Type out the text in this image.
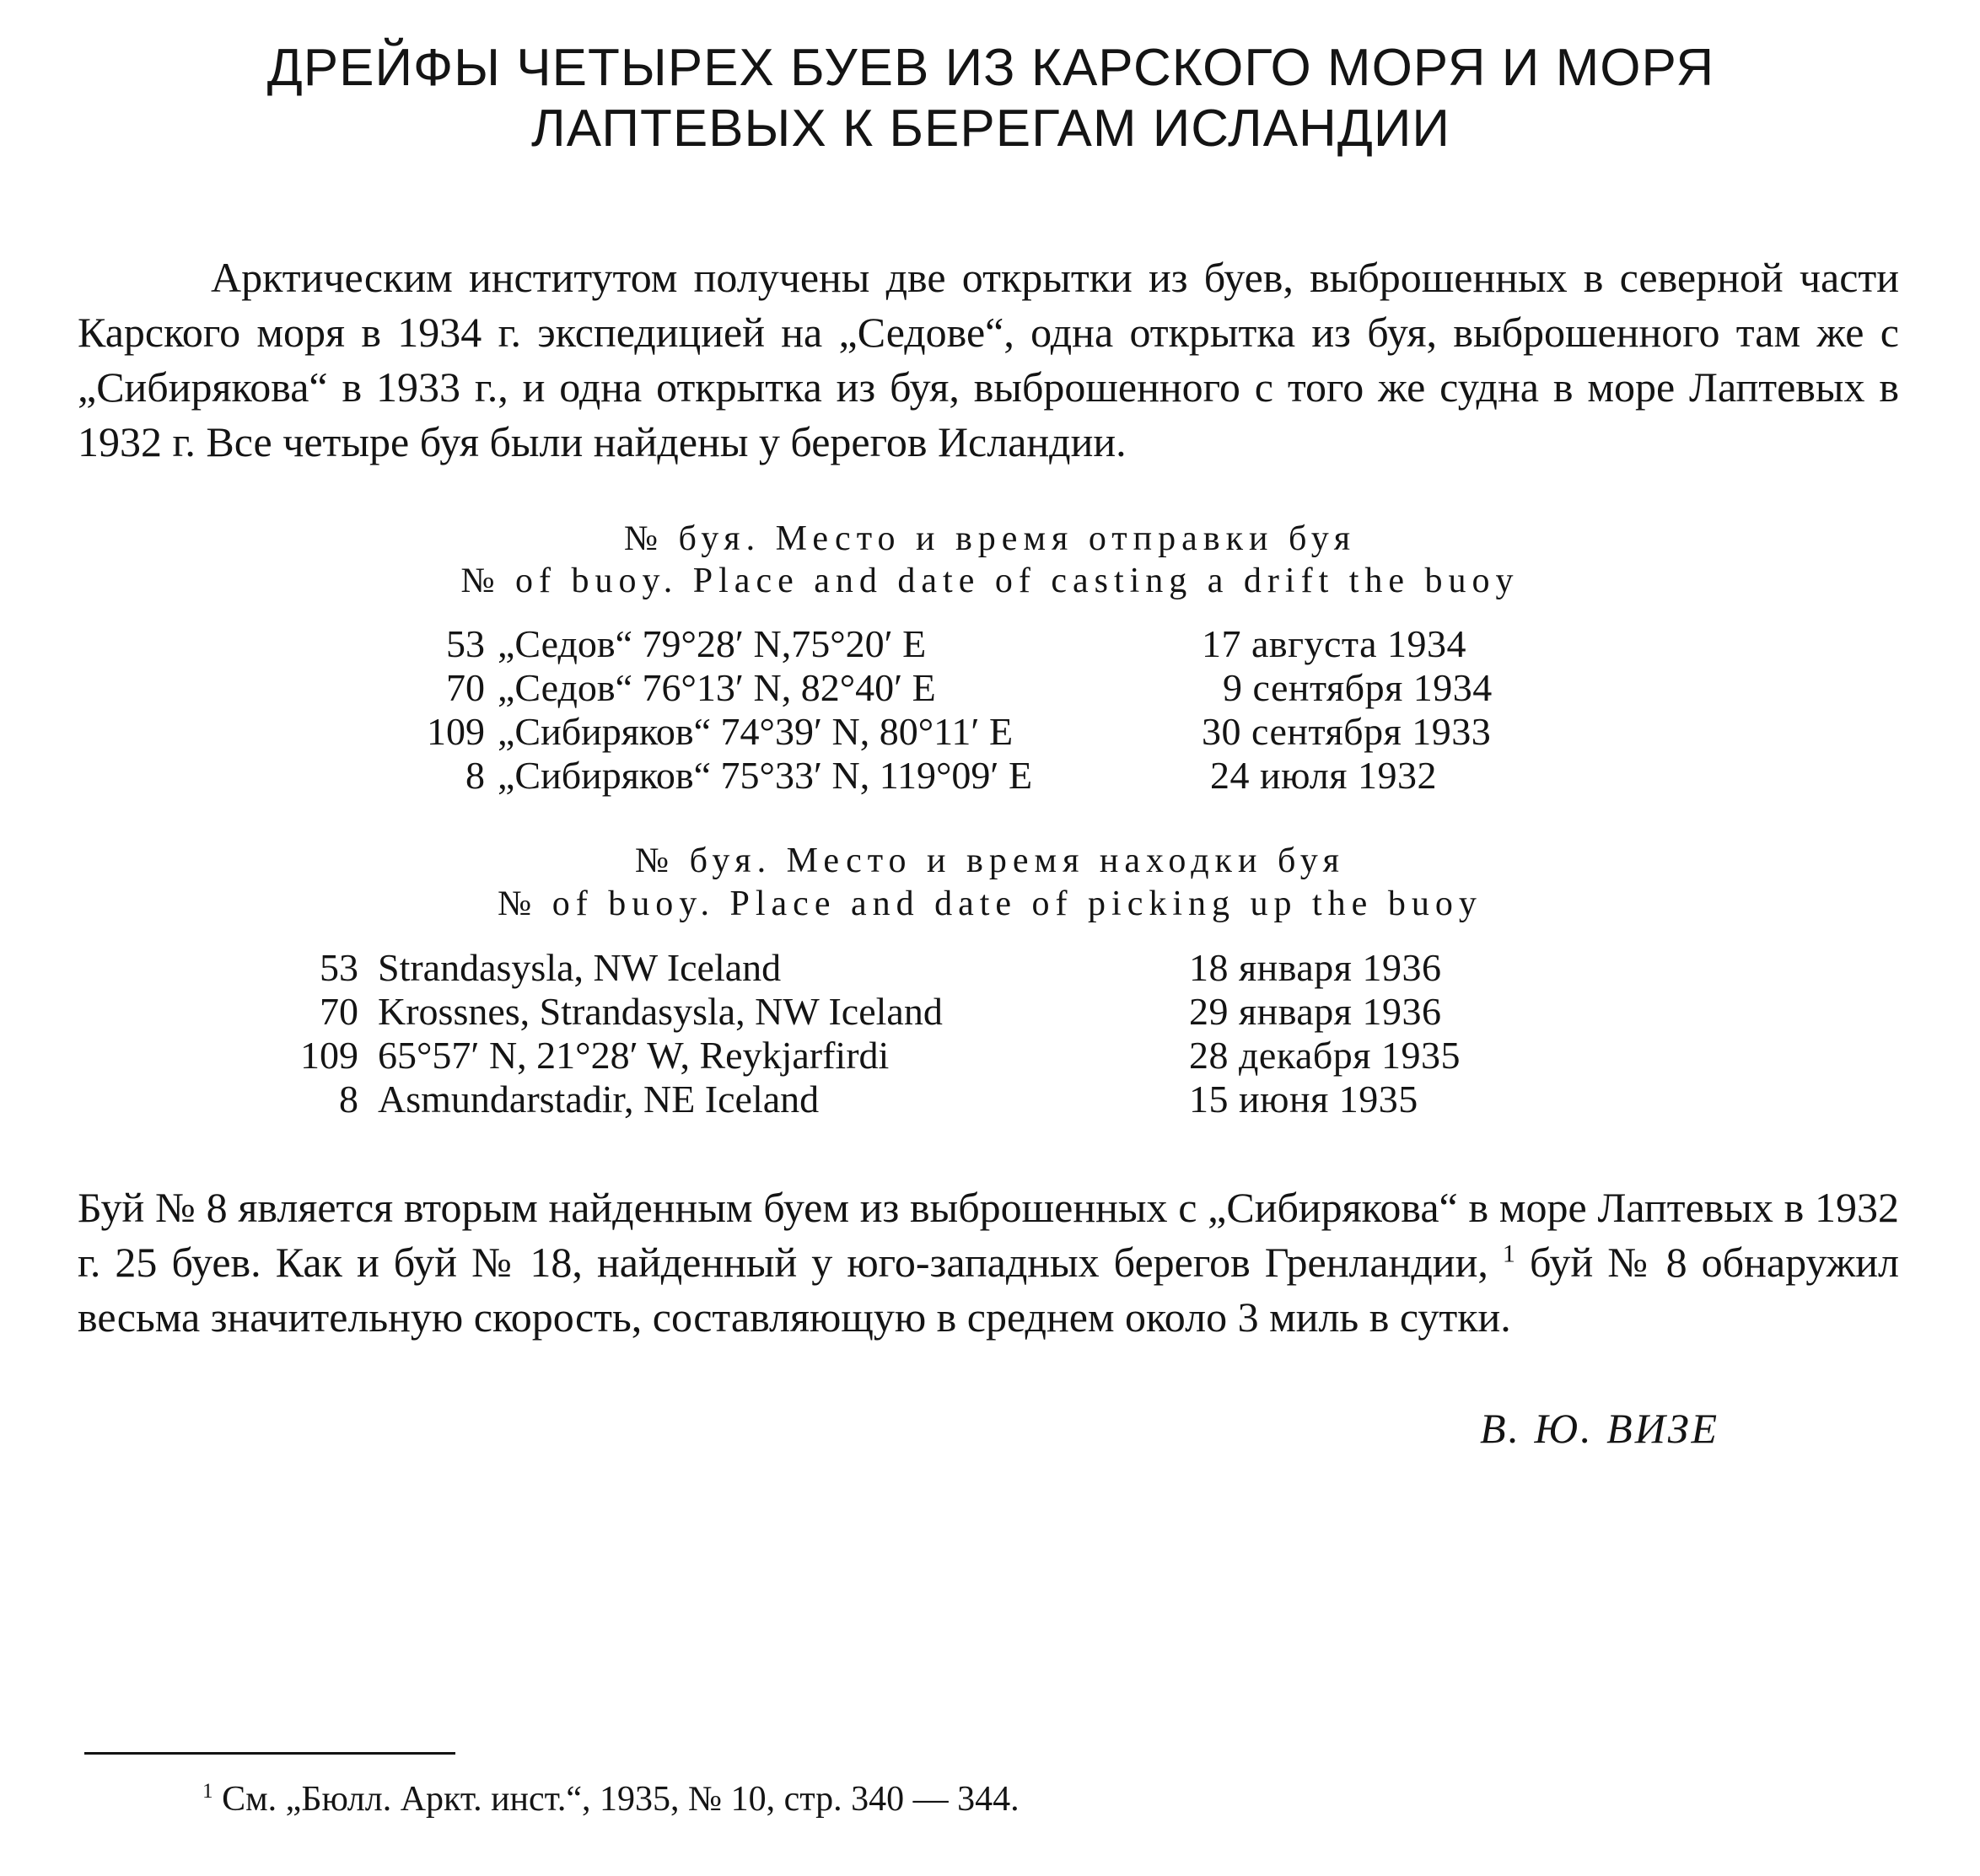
ДРЕЙФЫ ЧЕТЫРЕХ БУЕВ ИЗ КАРСКОГО МОРЯ И МОРЯ
ЛАПТЕВЫХ К БЕРЕГАМ ИСЛАНДИИ

Арктическим институтом получены две открытки из буев, выброшенных в северной части Карского моря в 1934 г. экспедицией на „Седове“, одна открытка из буя, выброшенного там же с „Сибирякова“ в 1933 г., и одна открытка из буя, выброшенного с того же судна в море Лаптевых в 1932 г. Все четыре буя были найдены у берегов Исландии.

№ буя. Место и время отправки буя
№ of buoy. Place and date of casting a drift the buoy
53 „Седов“ 79°28′ N,75°20′ E	17 августа 1934
70 „Седов“ 76°13′ N, 82°40′ E	9 сентября 1934
109 „Сибиряков“ 74°39′ N, 80°11′ E	30 сентября 1933
8 „Сибиряков“ 75°33′ N, 119°09′ E	24 июля 1932
№ буя. Место и время находки буя
№ of buoy. Place and date of picking up the buoy
53 Strandasysla, NW Iceland	18 января 1936
70 Krossnes, Strandasysla, NW Iceland	29 января 1936
109 65°57′ N, 21°28′ W, Reykjarfirdi	28 декабря 1935
8 Asmundarstadir, NE Iceland	15 июня 1935

Буй № 8 является вторым найденным буем из выброшенных с „Сибирякова“ в море Лаптевых в 1932 г. 25 буев. Как и буй № 18, найденный у юго-западных берегов Гренландии, $^1$ буй № 8 обнаружил весьма значительную скорость, составляющую в среднем около 3 миль в сутки.

В. Ю. ВИЗЕ
$^1$ См. „Бюлл. Аркт. инст.“, 1935, № 10, стр. 340 — 344.
